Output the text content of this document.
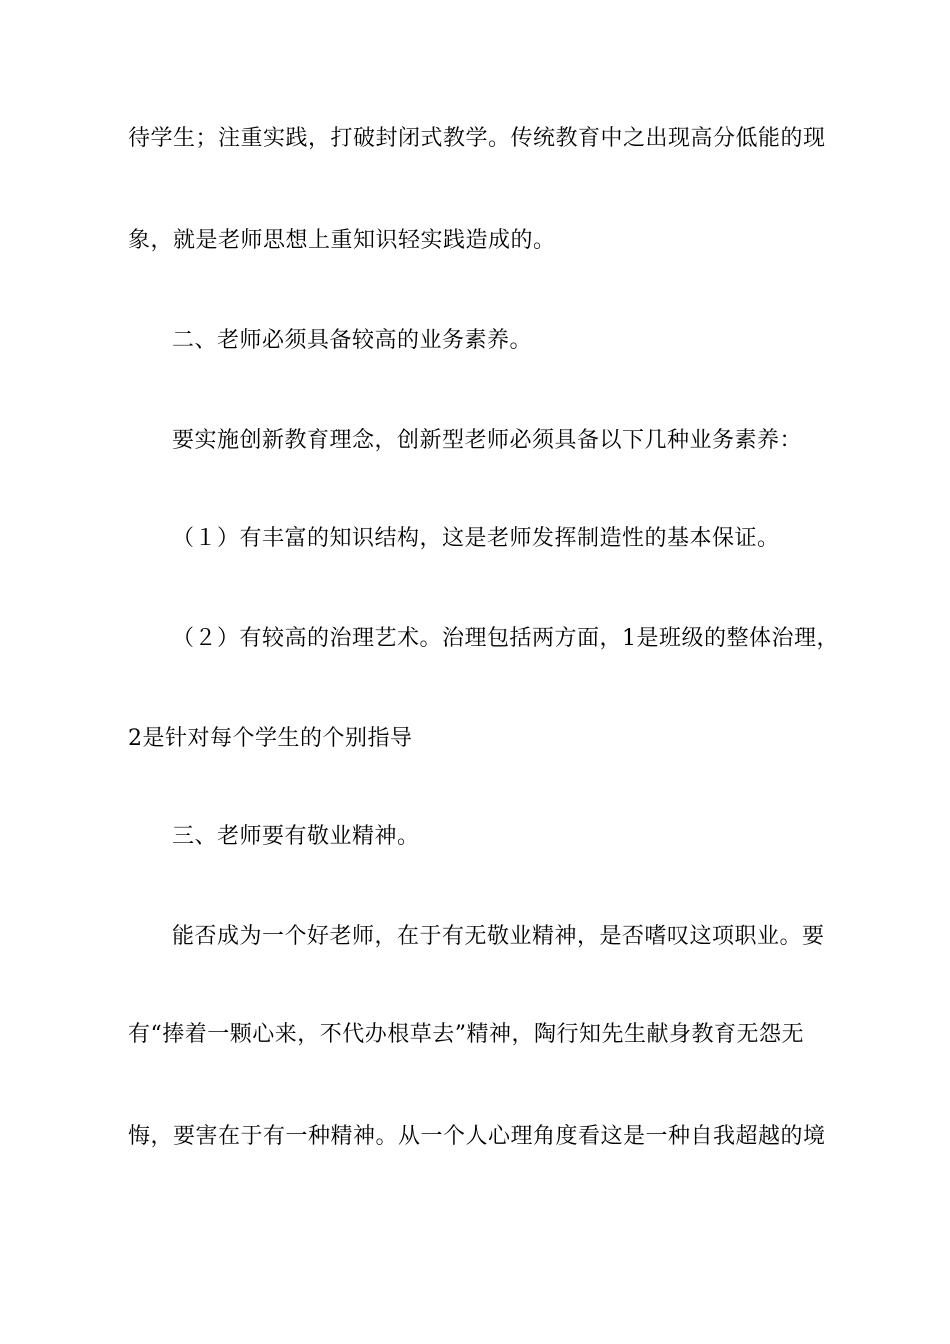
待学生；注重实践，打破封闭式教学。传统教育中之出现高分低能的现
象，就是老师思想上重知识轻实践造成的。
二、老师必须具备较高的业务素养。
要实施创新教育理念，创新型老师必须具备以下几种业务素养：
（１）有丰富的知识结构，这是老师发挥制造性的基本保证。
（２）有较高的治理艺术。治理包括两方面，1是班级的整体治理，
2是针对每个学生的个别指导
三、老师要有敬业精神。
能否成为一个好老师，在于有无敬业精神，是否嗜叹这项职业。要
有“捧着一颗心来，不代办根草去”精神，陶行知先生献身教育无怨无
悔，要害在于有一种精神。从一个人心理角度看这是一种自我超越的境
